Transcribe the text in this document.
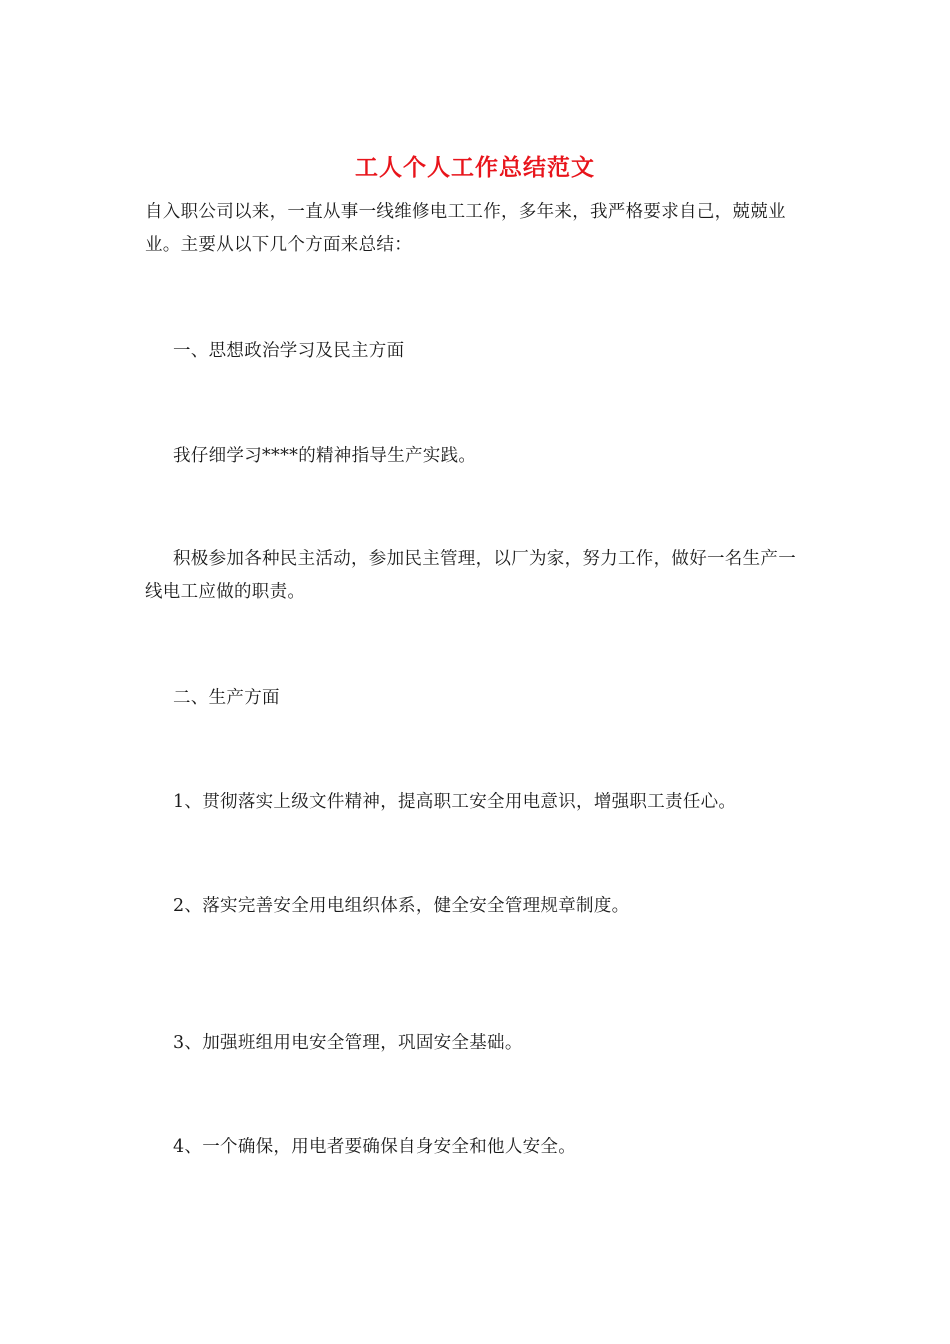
工人个人工作总结范文

自入职公司以来，一直从事一线维修电工工作，多年来，我严格要求自己，兢兢业业。主要从以下几个方面来总结：

一、思想政治学习及民主方面

我仔细学习****的精神指导生产实践。

积极参加各种民主活动，参加民主管理，以厂为家，努力工作，做好一名生产一线电工应做的职责。

二、生产方面

1、贯彻落实上级文件精神，提高职工安全用电意识，增强职工责任心。

2、落实完善安全用电组织体系，健全安全管理规章制度。

3、加强班组用电安全管理，巩固安全基础。

4、一个确保，用电者要确保自身安全和他人安全。
